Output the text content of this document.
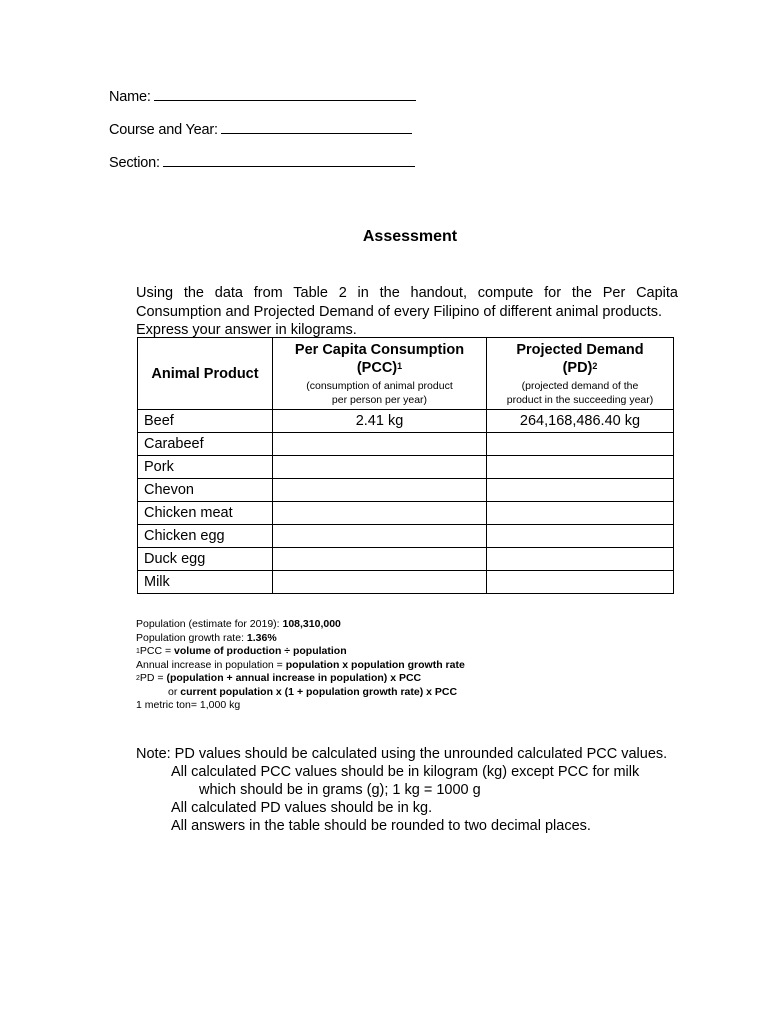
Name:
Course and Year:
Section:
Assessment
Using the data from Table 2 in the handout, compute for the Per Capita Consumption and Projected Demand of every Filipino of different animal products.
Express your answer in kilograms.
Animal Product	Per Capita Consumption
(PCC)$^1$
(consumption of animal product
per person per year)	Projected Demand
(PD)$^2$
(projected demand of the
product in the succeeding year)

Beef	2.41 kg	264,168,486.40 kg
Carabeef		
Pork		
Chevon		
Chicken meat		
Chicken egg		
Duck egg		
Milk		
Population (estimate for 2019): 108,310,000
Population growth rate: 1.36%
$^1$PCC = volume of production ÷ population
Annual increase in population = population x population growth rate
$^2$PD = (population + annual increase in population) x PCC
or current population x (1 + population growth rate) x PCC
1 metric ton= 1,000 kg
Note: PD values should be calculated using the unrounded calculated PCC values.
All calculated PCC values should be in kilogram (kg) except PCC for milk
which should be in grams (g); 1 kg = 1000 g
All calculated PD values should be in kg.
All answers in the table should be rounded to two decimal places.
